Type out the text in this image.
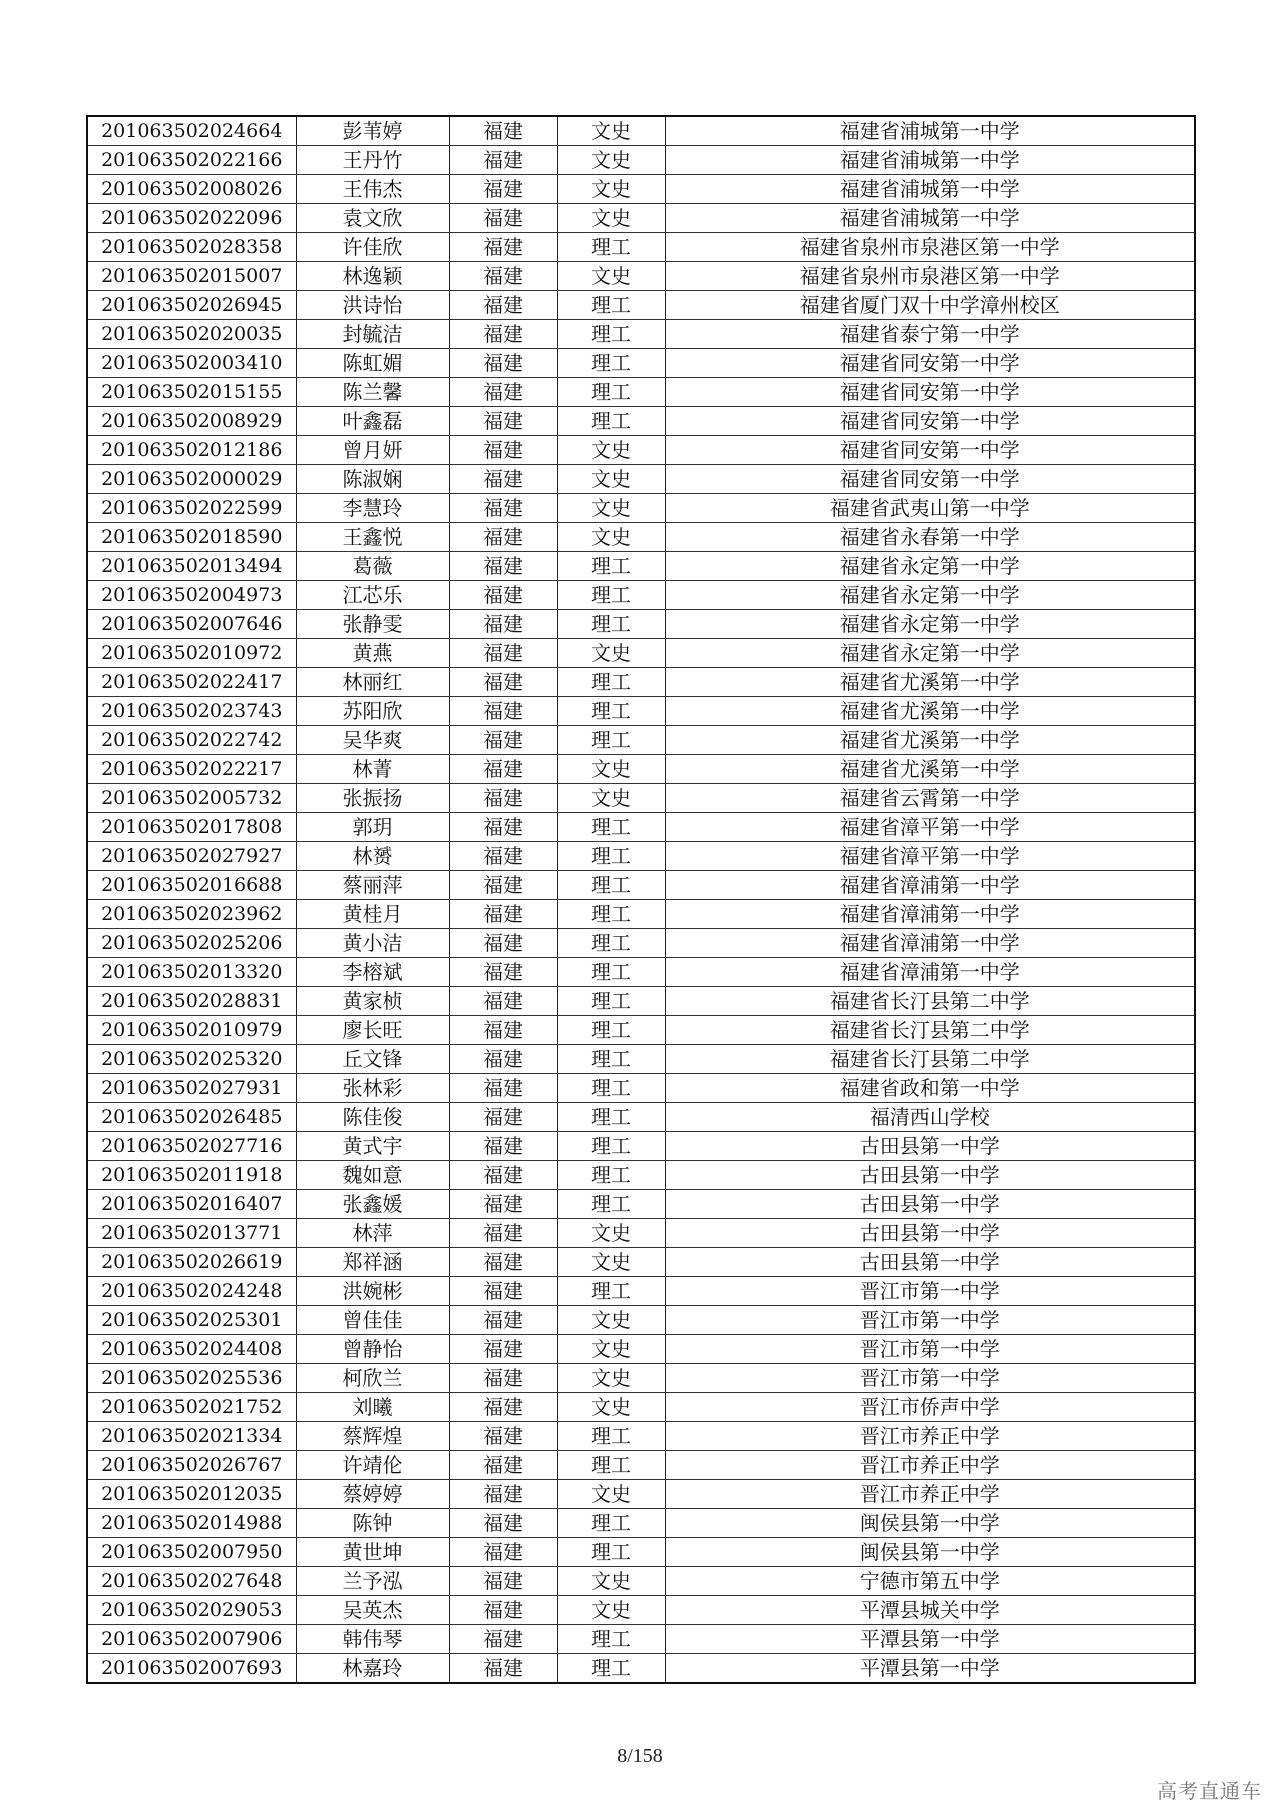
201063502024664	彭苇婷	福建	文史	福建省浦城第一中学
201063502022166	王丹竹	福建	文史	福建省浦城第一中学
201063502008026	王伟杰	福建	文史	福建省浦城第一中学
201063502022096	袁文欣	福建	文史	福建省浦城第一中学
201063502028358	许佳欣	福建	理工	福建省泉州市泉港区第一中学
201063502015007	林逸颖	福建	文史	福建省泉州市泉港区第一中学
201063502026945	洪诗怡	福建	理工	福建省厦门双十中学漳州校区
201063502020035	封毓洁	福建	理工	福建省泰宁第一中学
201063502003410	陈虹媚	福建	理工	福建省同安第一中学
201063502015155	陈兰馨	福建	理工	福建省同安第一中学
201063502008929	叶鑫磊	福建	理工	福建省同安第一中学
201063502012186	曾月妍	福建	文史	福建省同安第一中学
201063502000029	陈淑娴	福建	文史	福建省同安第一中学
201063502022599	李慧玲	福建	文史	福建省武夷山第一中学
201063502018590	王鑫悦	福建	文史	福建省永春第一中学
201063502013494	葛薇	福建	理工	福建省永定第一中学
201063502004973	江芯乐	福建	理工	福建省永定第一中学
201063502007646	张静雯	福建	理工	福建省永定第一中学
201063502010972	黄燕	福建	文史	福建省永定第一中学
201063502022417	林丽红	福建	理工	福建省尤溪第一中学
201063502023743	苏阳欣	福建	理工	福建省尤溪第一中学
201063502022742	吴华爽	福建	理工	福建省尤溪第一中学
201063502022217	林菁	福建	文史	福建省尤溪第一中学
201063502005732	张振扬	福建	文史	福建省云霄第一中学
201063502017808	郭玥	福建	理工	福建省漳平第一中学
201063502027927	林赟	福建	理工	福建省漳平第一中学
201063502016688	蔡丽萍	福建	理工	福建省漳浦第一中学
201063502023962	黄桂月	福建	理工	福建省漳浦第一中学
201063502025206	黄小洁	福建	理工	福建省漳浦第一中学
201063502013320	李榕斌	福建	理工	福建省漳浦第一中学
201063502028831	黄家桢	福建	理工	福建省长汀县第二中学
201063502010979	廖长旺	福建	理工	福建省长汀县第二中学
201063502025320	丘文锋	福建	理工	福建省长汀县第二中学
201063502027931	张林彩	福建	理工	福建省政和第一中学
201063502026485	陈佳俊	福建	理工	福清西山学校
201063502027716	黄式宇	福建	理工	古田县第一中学
201063502011918	魏如意	福建	理工	古田县第一中学
201063502016407	张鑫媛	福建	理工	古田县第一中学
201063502013771	林萍	福建	文史	古田县第一中学
201063502026619	郑祥涵	福建	文史	古田县第一中学
201063502024248	洪婉彬	福建	理工	晋江市第一中学
201063502025301	曾佳佳	福建	文史	晋江市第一中学
201063502024408	曾静怡	福建	文史	晋江市第一中学
201063502025536	柯欣兰	福建	文史	晋江市第一中学
201063502021752	刘曦	福建	文史	晋江市侨声中学
201063502021334	蔡辉煌	福建	理工	晋江市养正中学
201063502026767	许靖伦	福建	理工	晋江市养正中学
201063502012035	蔡婷婷	福建	文史	晋江市养正中学
201063502014988	陈钟	福建	理工	闽侯县第一中学
201063502007950	黄世坤	福建	理工	闽侯县第一中学
201063502027648	兰予泓	福建	文史	宁德市第五中学
201063502029053	吴英杰	福建	文史	平潭县城关中学
201063502007906	韩伟琴	福建	理工	平潭县第一中学
201063502007693	林嘉玲	福建	理工	平潭县第一中学
8/158
高考直通车
